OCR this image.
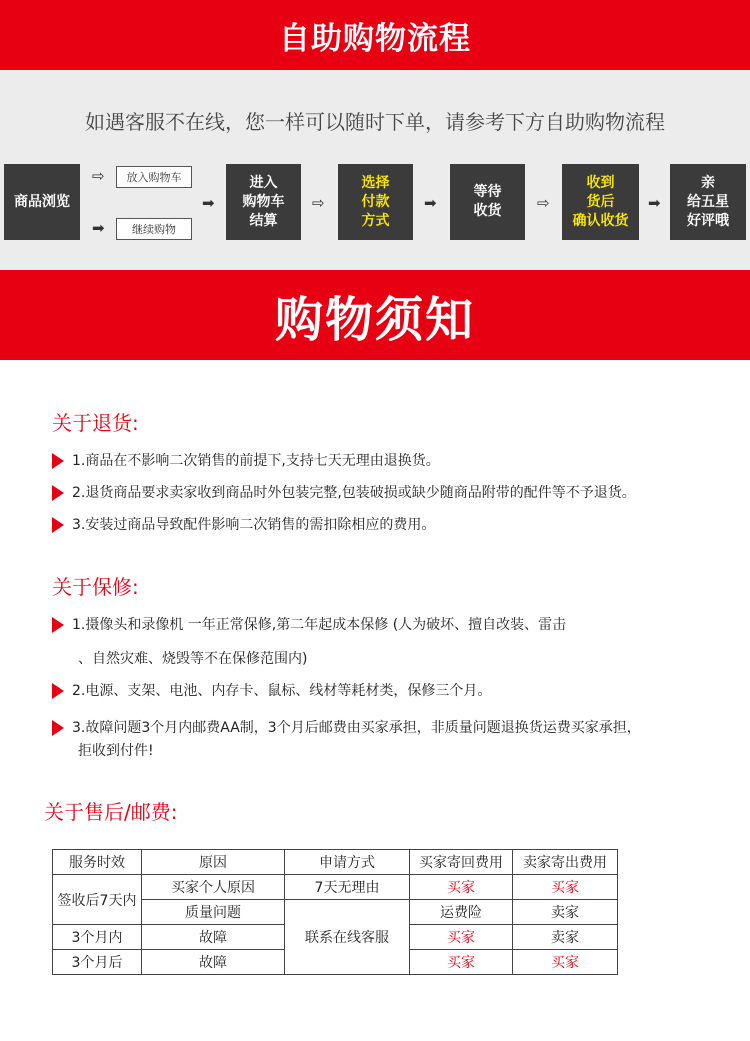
自助购物流程
如遇客服不在线，您一样可以随时下单，请参考下方自助购物流程
商品浏览
⇨	放入购物车
➡	继续购物
➡
进入
购物车
结算
⇨
选择
付款
方式
➡
等待
收货	⇨
收到
货后
确认收货
➡
亲
给五星
好评哦
购物须知
关于退货:
1.商品在不影响二次销售的前提下,支持七天无理由退换货。
2.退货商品要求卖家收到商品时外包装完整,包装破损或缺少随商品附带的配件等不予退货。
3.安装过商品导致配件影响二次销售的需扣除相应的费用。
关于保修:
1.摄像头和录像机 一年正常保修,第二年起成本保修 (人为破坏、擅自改装、雷击
、自然灾难、烧毁等不在保修范围内)
2.电源、支架、电池、内存卡、鼠标、线材等耗材类，保修三个月。
3.故障问题3个月内邮费AA制，3个月后邮费由买家承担，非质量问题退换货运费买家承担，
拒收到付件!
关于售后/邮费:
服务时效	原因	申请方式	买家寄回费用	卖家寄出费用
签收后7天内	买家个人原因	7天无理由	买家	买家
	质量问题	联系在线客服	运费险	卖家
3个月内	故障		买家	卖家
3个月后	故障		买家	买家
